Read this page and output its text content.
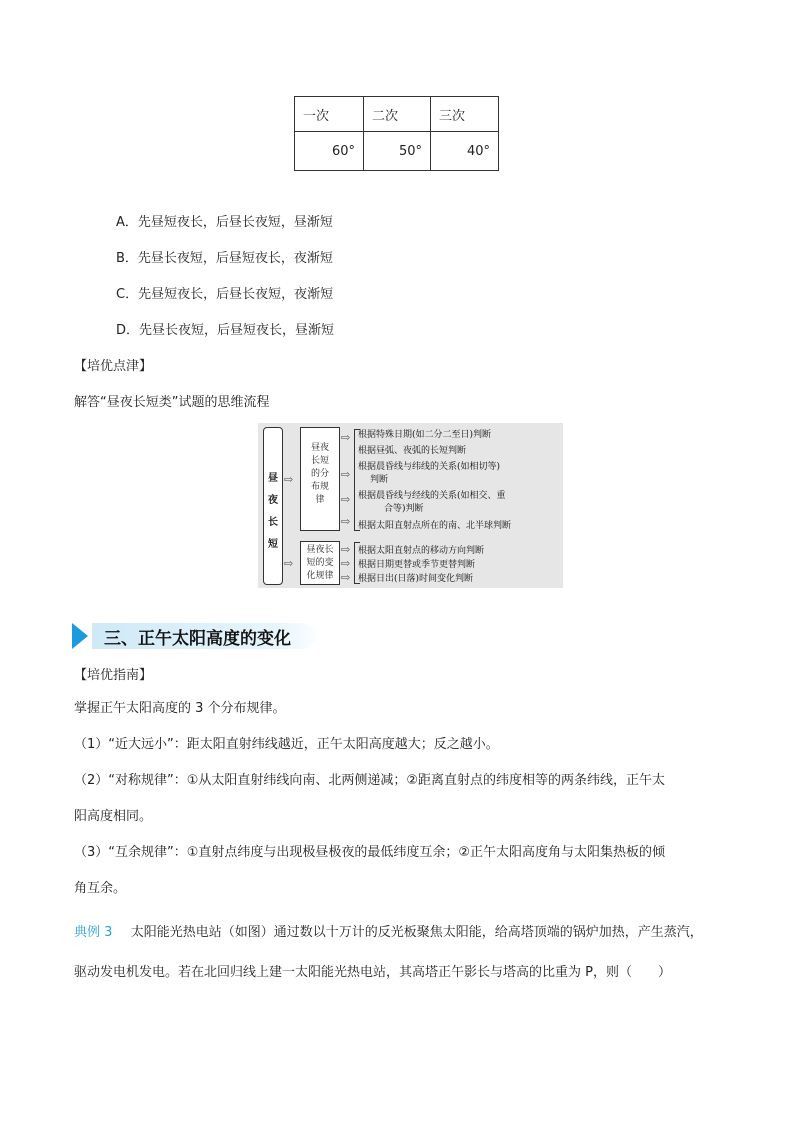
一次	二次	三次
60°	50°	40°
A．先昼短夜长，后昼长夜短，昼渐短
B．先昼长夜短，后昼短夜长，夜渐短
C．先昼短夜长，后昼长夜短，夜渐短
D．先昼长夜短，后昼短夜长，昼渐短
【培优点津】
解答“昼夜长短类”试题的思维流程
昼
夜
长
短
⇨
⇨
昼夜
长短
的分
布规
律
昼夜长
短的变
化规律
⇨
⇨
⇨
⇨
⇨
⇨
⇨
根据特殊日期(如二分二至日)判断
根据昼弧、夜弧的长短判断
根据晨昏线与纬线的关系(如相切等)
判断
根据晨昏线与经线的关系(如相交、重
合等)判断
根据太阳直射点所在的南、北半球判断
根据太阳直射点的移动方向判断
根据日期更替或季节更替判断
根据日出(日落)时间变化判断
三、正午太阳高度的变化
【培优指南】
掌握正午太阳高度的 3 个分布规律。
（1）“近大远小”：距太阳直射纬线越近，正午太阳高度越大；反之越小。
（2）“对称规律”：①从太阳直射纬线向南、北两侧递减；②距离直射点的纬度相等的两条纬线，正午太
阳高度相同。
（3）“互余规律”：①直射点纬度与出现极昼极夜的最低纬度互余；②正午太阳高度角与太阳集热板的倾
角互余。
典例 3 太阳能光热电站（如图）通过数以十万计的反光板聚焦太阳能，给高塔顶端的锅炉加热，产生蒸汽，
驱动发电机发电。若在北回归线上建一太阳能光热电站，其高塔正午影长与塔高的比重为 P，则（　　）
